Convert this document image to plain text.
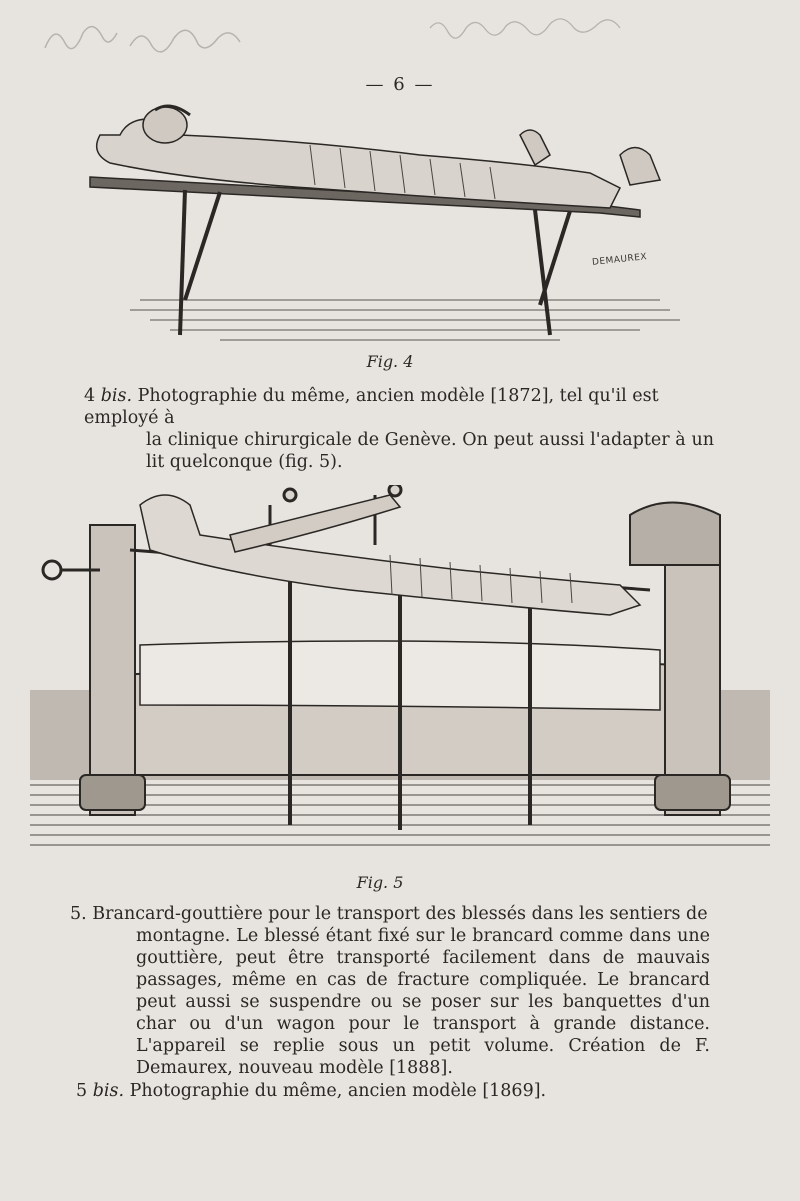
— 6 —
DEMAUREX
Fig. 4
4 bis. Photographie du même, ancien modèle [1872], tel qu'il est employé à
la clinique chirurgicale de Genève. On peut aussi l'adapter à un lit quelconque (fig. 5).
Fig. 5
5. Brancard-gouttière pour le transport des blessés dans les sentiers de
montagne. Le blessé étant fixé sur le brancard comme dans une gouttière, peut être transporté facilement dans de mauvais passages, même en cas de fracture compliquée. Le brancard peut aussi se suspendre ou se poser sur les banquettes d'un char ou d'un wagon pour le transport à grande distance. L'appareil se replie sous un petit volume. Création de F. Demaurex, nouveau modèle [1888].
5 bis. Photographie du même, ancien modèle [1869].
